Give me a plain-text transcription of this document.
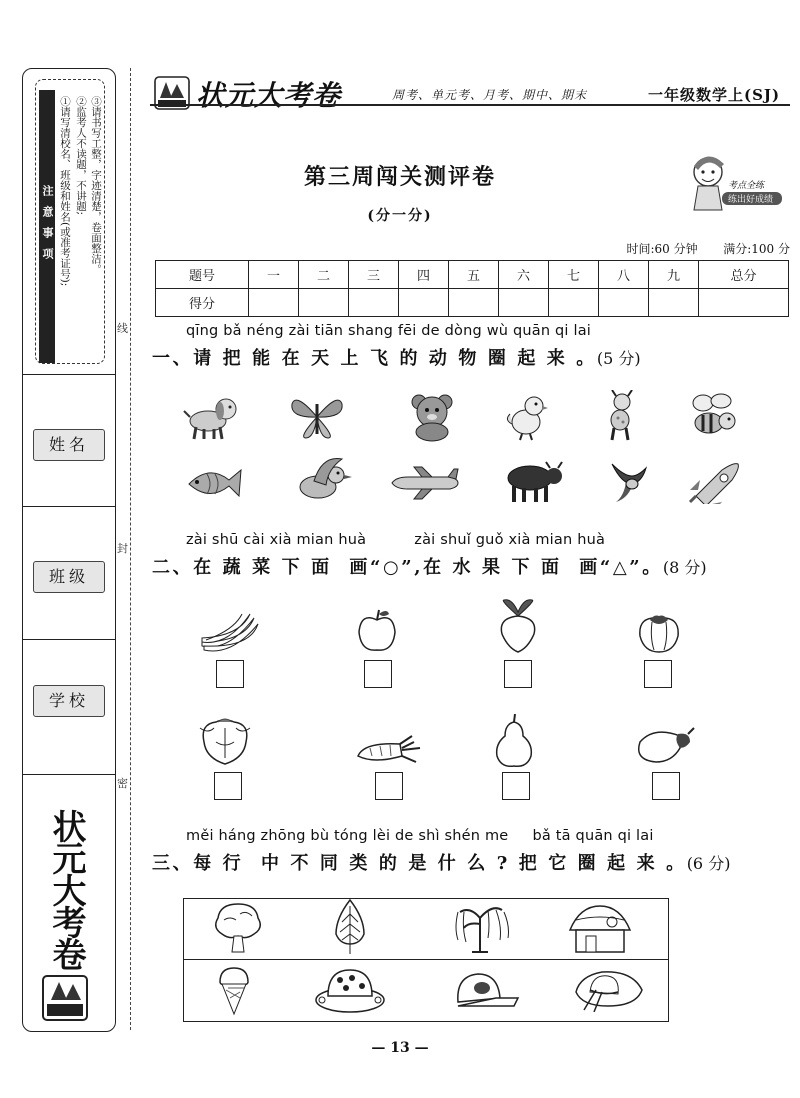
注意事项 ①请写清校名、班级和姓名(或准考证号); ②监考人不读题，不讲题; ③请书写工整，字迹清楚，卷面整洁。
姓名
班级
学校
状元大考卷
线
封
密
状元大考卷	周考、单元考、月考、期中、期末	一年级数学上(SJ)
第三周闯关测评卷
(分一分)
考点全练
练出好成绩
时间:60 分钟 满分:100 分
题号	一	二	三	四	五	六	七	八	九	总分
得分										
qīng bǎ néng zài tiān shang fēi de dòng wù quān qi lai
一、请 把 能 在 天 上 飞 的 动 物 圈 起 来 。(5 分)
zài shū cài xià mian huà          zài shuǐ guǒ xià mian huà
二、在 蔬 菜 下 面  画“○”,在 水 果 下 面  画“△”。(8 分)
měi háng zhōng bù tóng lèi de shì shén me     bǎ tā quān qi lai
三、每 行  中 不 同 类 的 是 什 么 ? 把 它 圈 起 来 。(6 分)
— 13 —
